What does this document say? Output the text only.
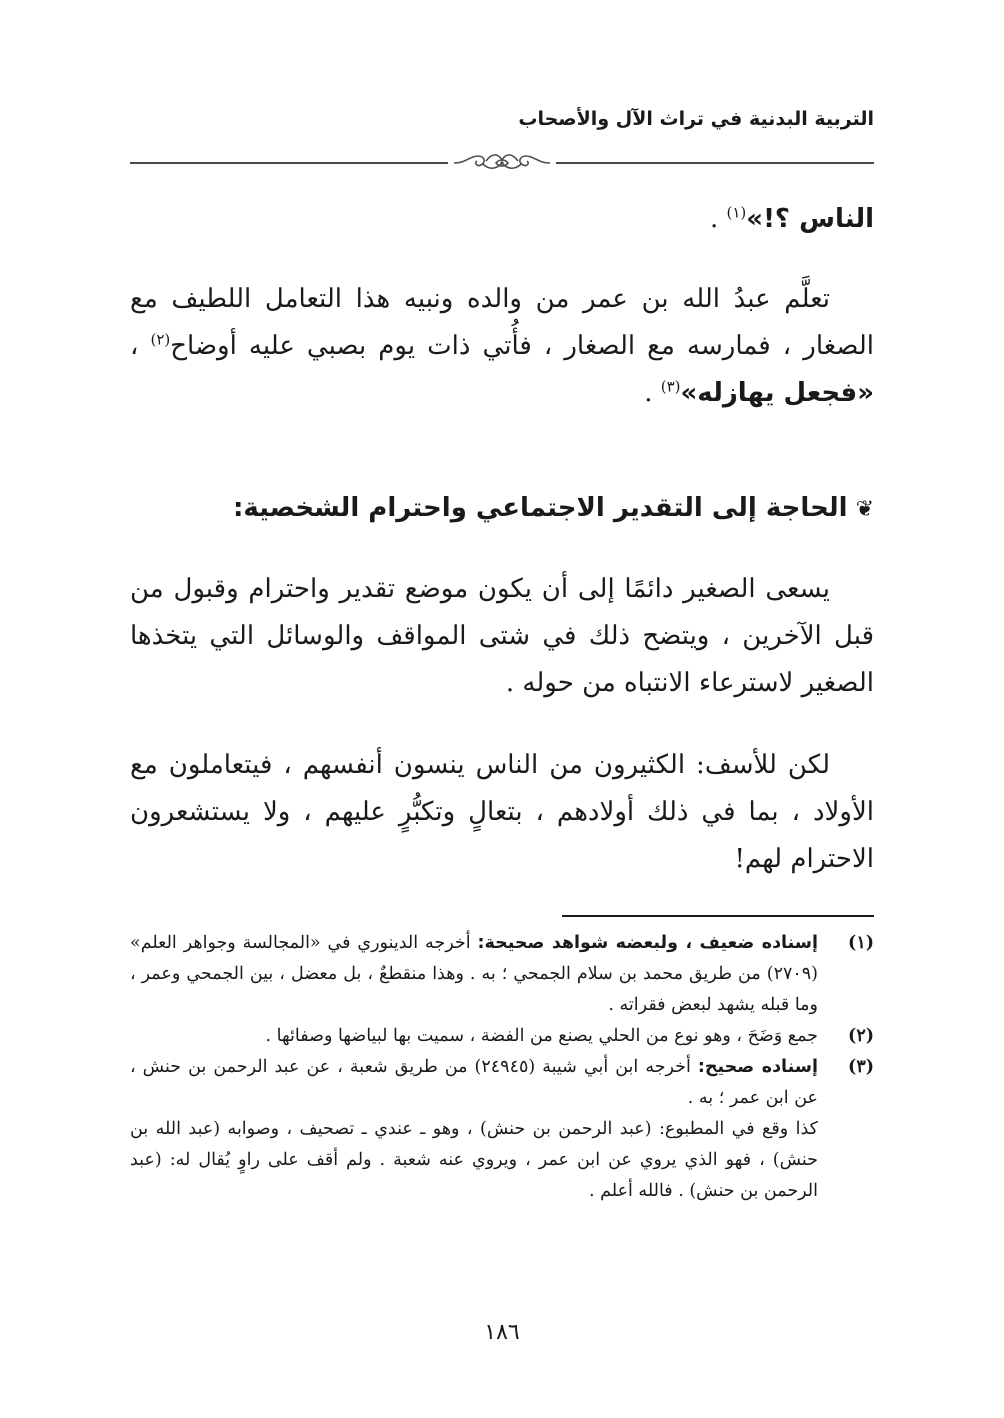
التربية البدنية في تراث الآل والأصحاب

الناس ؟!»$^{(١)}$ .

تعلَّم عبدُ الله بن عمر من والده ونبيه هذا التعامل اللطيف مع الصغار ، فمارسه مع الصغار ، فأُتي ذات يوم بصبي عليه أوضاح$^{(٢)}$ ، «فجعل يهازله»$^{(٣)}$ .

❦الحاجة إلى التقدير الاجتماعي واحترام الشخصية:

يسعى الصغير دائمًا إلى أن يكون موضع تقدير واحترام وقبول من قبل الآخرين ، ويتضح ذلك في شتى المواقف والوسائل التي يتخذها الصغير لاسترعاء الانتباه من حوله .

لكن للأسف: الكثيرون من الناس ينسون أنفسهم ، فيتعاملون مع الأولاد ، بما في ذلك أولادهم ، بتعالٍ وتكبُّرٍ عليهم ، ولا يستشعرون الاحترام لهم!

(١)

إسناده ضعيف ، ولبعضه شواهد صحيحة: أخرجه الدينوري في «المجالسة وجواهر العلم» (٢٧٠٩) من طريق محمد بن سلام الجمحي ؛ به . وهذا منقطعٌ ، بل معضل ، بين الجمحي وعمر ، وما قبله يشهد لبعض فقراته .

(٢)

جمع وَضَحَ ، وهو نوع من الحلي يصنع من الفضة ، سميت بها لبياضها وصفائها .

(٣)

إسناده صحيح: أخرجه ابن أبي شيبة (٢٤٩٤٥) من طريق شعبة ، عن عبد الرحمن بن حنش ، عن ابن عمر ؛ به .

كذا وقع في المطبوع: (عبد الرحمن بن حنش) ، وهو ـ عندي ـ تصحيف ، وصوابه (عبد الله بن حنش) ، فهو الذي يروي عن ابن عمر ، ويروي عنه شعبة . ولم أقف على راوٍ يُقال له: (عبد الرحمن بن حنش) . فالله أعلم .

١٨٦
